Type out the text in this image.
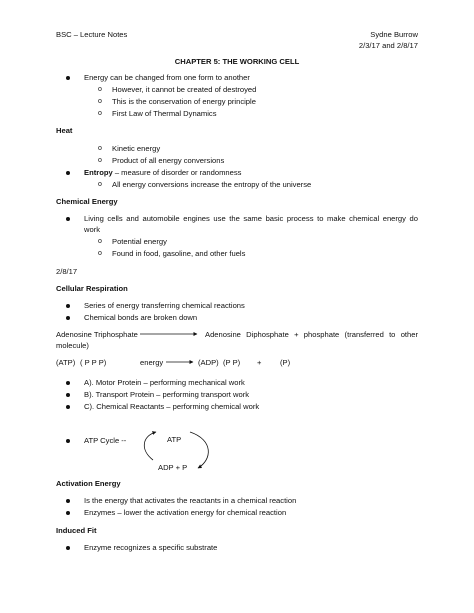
BSC – Lecture Notes	Sydne Burrow
2/3/17 and 2/8/17
CHAPTER 5: THE WORKING CELL
Energy can be changed from one form to another
o However, it cannot be created of destroyed
o This is the conservation of energy principle
o First Law of Thermal Dynamics
Heat
o Kinetic energy
o Product of all energy conversions
Entropy – measure of disorder or randomness
o All energy conversions increase the entropy of the universe
Chemical Energy
Living cells and automobile engines use the same basic process to make chemical energy do
work
o Potential energy
o Found in food, gasoline, and other fuels
2/8/17
Cellular Respiration
Series of energy transferring chemical reactions
Chemical bonds are broken down
Adenosine Triphosphate	Adenosine Diphosphate + phosphate (transferred to other
molecule)
(ATP) ( P P P)	energy	(ADP) (P P) + (P)
A). Motor Protein – performing mechanical work
B). Transport Protein – performing transport work
C). Chemical Reactants – performing chemical work
ATP Cycle --	ATP
ADP + P
Activation Energy
Is the energy that activates the reactants in a chemical reaction
Enzymes – lower the activation energy for chemical reaction
Induced Fit
Enzyme recognizes a specific substrate
